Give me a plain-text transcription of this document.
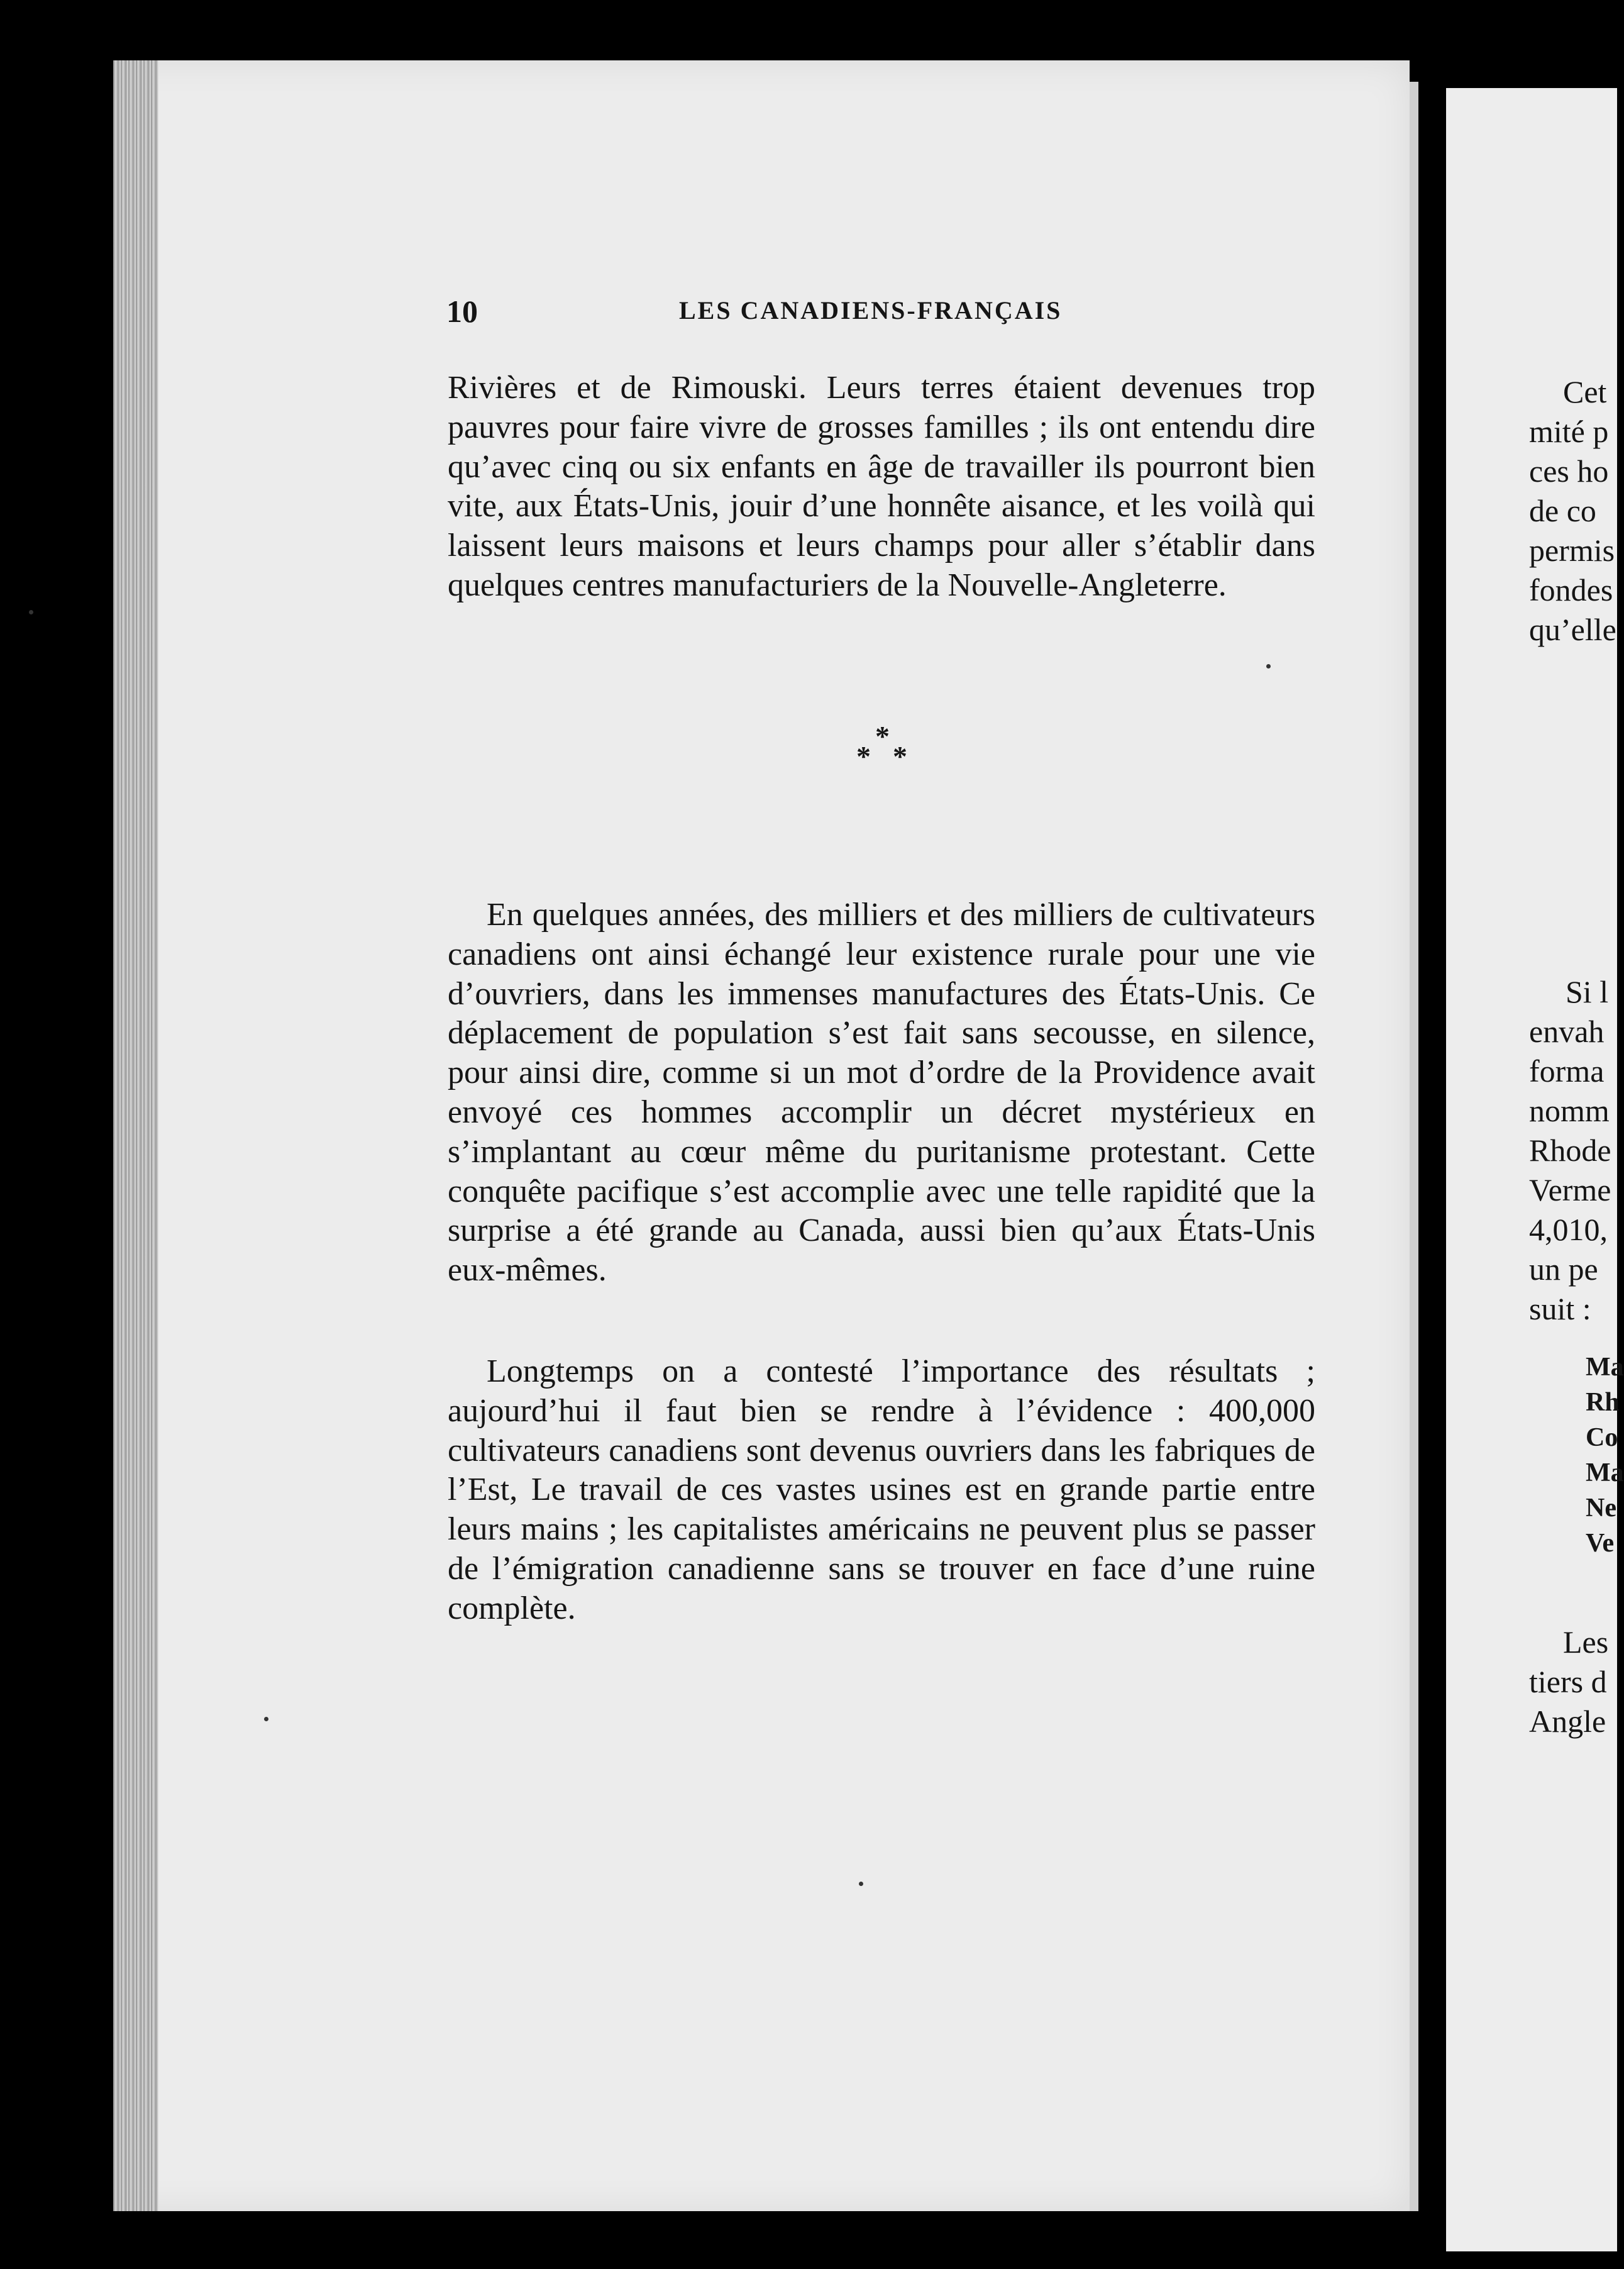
10	LES CANADIENS-FRANÇAIS

Rivières et de Rimouski. Leurs terres étaient devenues trop pauvres pour faire vivre de grosses familles ; ils ont entendu dire qu’avec cinq ou six enfants en âge de travailler ils pourront bien vite, aux États-Unis, jouir d’une honnête aisance, et les voilà qui laissent leurs maisons et leurs champs pour aller s’établir dans quelques centres manufacturiers de la Nouvelle-Angleterre.

*
* *

En quelques années, des milliers et des milliers de cultivateurs canadiens ont ainsi échangé leur existence rurale pour une vie d’ouvriers, dans les immenses manufactures des États-Unis. Ce déplacement de population s’est fait sans secousse, en silence, pour ainsi dire, comme si un mot d’ordre de la Providence avait envoyé ces hommes accomplir un décret mystérieux en s’implantant au cœur même du puritanisme protestant. Cette conquête pacifique s’est accomplie avec une telle rapidité que la surprise a été grande au Canada, aussi bien qu’aux États-Unis eux-mêmes.

Longtemps on a contesté l’importance des résultats ; aujourd’hui il faut bien se rendre à l’évidence : 400,000 cultivateurs canadiens sont devenus ouvriers dans les fabriques de l’Est, Le travail de ces vastes usines est en grande partie entre leurs mains ; les capitalistes américains ne peuvent plus se passer de l’émigration canadienne sans se trouver en face d’une ruine complète.

Cet

mité p

ces ho

de co

permis

fondes

qu’elle

Si l

envah

forma

nomm

Rhode

Verme

4,010,

un pe

suit :

Ma

Rh

Co

Ma

Ne

Ve

Les

tiers d

Angle
